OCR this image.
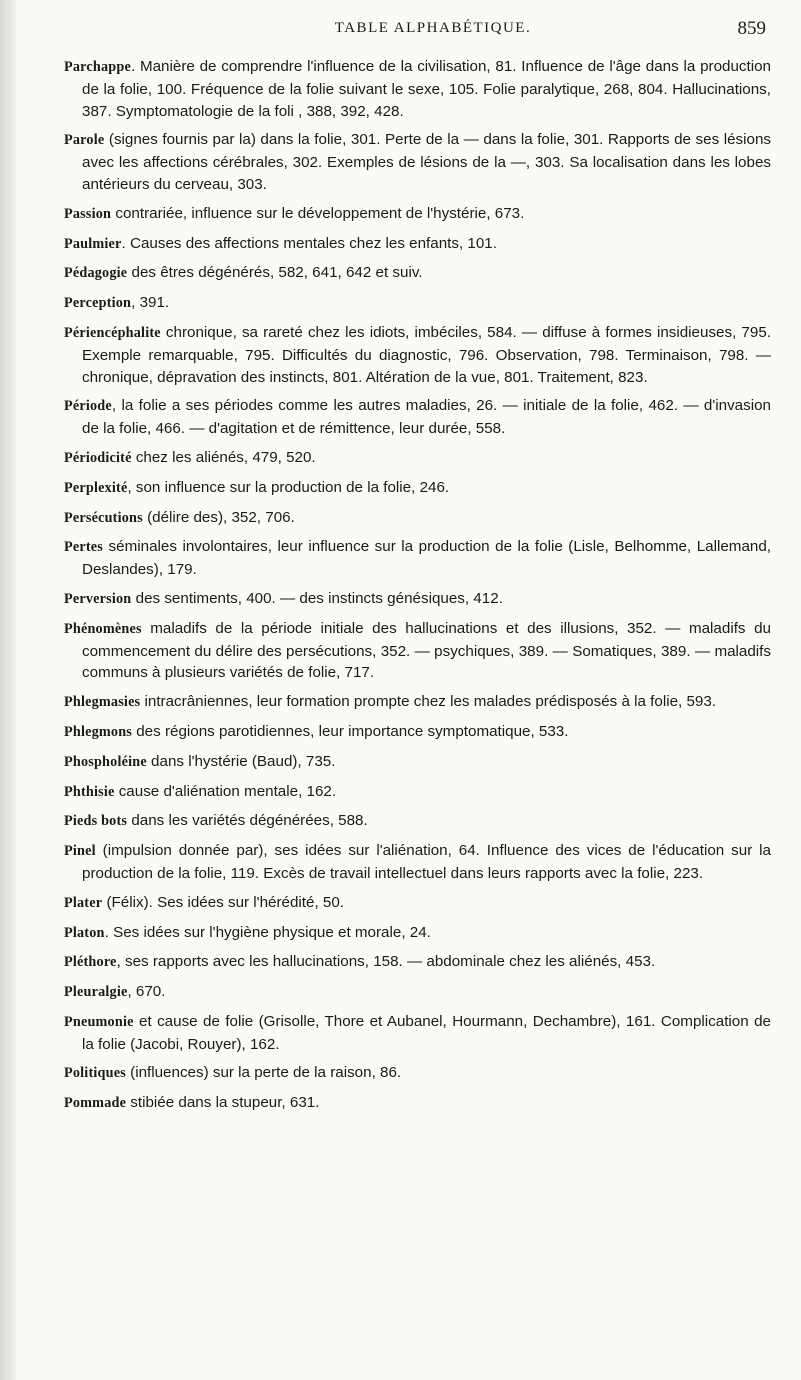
TABLE ALPHABÉTIQUE.	859

Parchappe. Manière de comprendre l'influence de la civilisation, 81. Influence de l'âge dans la production de la folie, 100. Fréquence de la folie suivant le sexe, 105. Folie paralytique, 268, 804. Hallucinations, 387. Symptomatologie de la foli , 388, 392, 428.

Parole (signes fournis par la) dans la folie, 301. Perte de la — dans la folie, 301. Rapports de ses lésions avec les affections cérébrales, 302. Exemples de lésions de la —, 303. Sa localisation dans les lobes antérieurs du cerveau, 303.

Passion contrariée, influence sur le développement de l'hystérie, 673.

Paulmier. Causes des affections mentales chez les enfants, 101.

Pédagogie des êtres dégénérés, 582, 641, 642 et suiv.

Perception, 391.

Périencéphalite chronique, sa rareté chez les idiots, imbéciles, 584. — diffuse à formes insidieuses, 795. Exemple remarquable, 795. Difficultés du diagnostic, 796. Observation, 798. Terminaison, 798. — chronique, dépravation des instincts, 801. Altération de la vue, 801. Traitement, 823.

Période, la folie a ses périodes comme les autres maladies, 26. — initiale de la folie, 462. — d'invasion de la folie, 466. — d'agitation et de rémittence, leur durée, 558.

Périodicité chez les aliénés, 479, 520.

Perplexité, son influence sur la production de la folie, 246.

Persécutions (délire des), 352, 706.

Pertes séminales involontaires, leur influence sur la production de la folie (Lisle, Belhomme, Lallemand, Deslandes), 179.

Perversion des sentiments, 400. — des instincts génésiques, 412.

Phénomènes maladifs de la période initiale des hallucinations et des illusions, 352. — maladifs du commencement du délire des persécutions, 352. — psychiques, 389. — Somatiques, 389. — maladifs communs à plusieurs variétés de folie, 717.

Phlegmasies intracrâniennes, leur formation prompte chez les malades prédisposés à la folie, 593.

Phlegmons des régions parotidiennes, leur importance symptomatique, 533.

Phospholéine dans l'hystérie (Baud), 735.

Phthisie cause d'aliénation mentale, 162.

Pieds bots dans les variétés dégénérées, 588.

Pinel (impulsion donnée par), ses idées sur l'aliénation, 64. Influence des vices de l'éducation sur la production de la folie, 119. Excès de travail intellectuel dans leurs rapports avec la folie, 223.

Plater (Félix). Ses idées sur l'hérédité, 50.

Platon. Ses idées sur l'hygiène physique et morale, 24.

Pléthore, ses rapports avec les hallucinations, 158. — abdominale chez les aliénés, 453.

Pleuralgie, 670.

Pneumonie et cause de folie (Grisolle, Thore et Aubanel, Hourmann, Dechambre), 161. Complication de la folie (Jacobi, Rouyer), 162.

Politiques (influences) sur la perte de la raison, 86.

Pommade stibiée dans la stupeur, 631.
